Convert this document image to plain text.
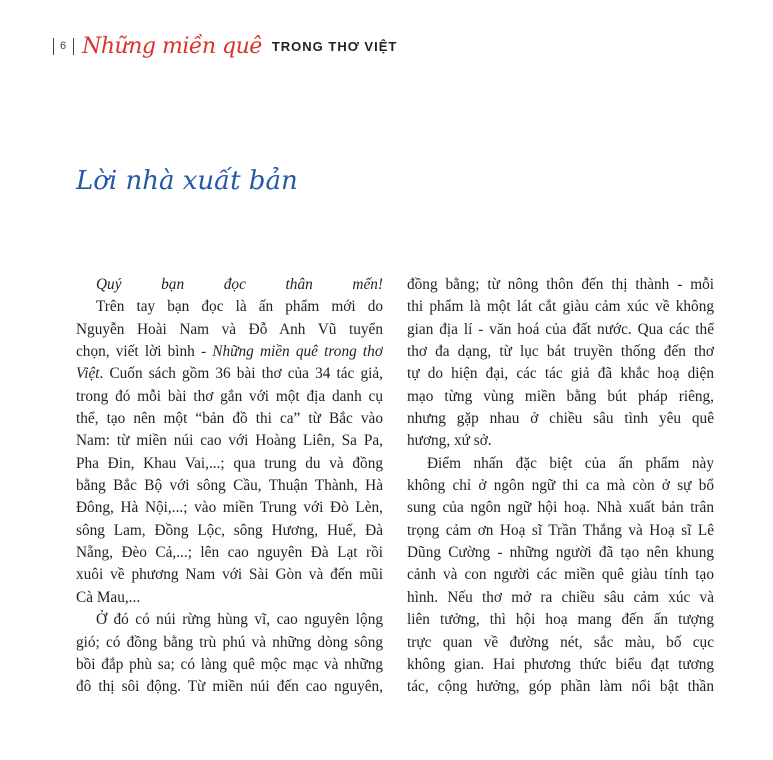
6 Những miền quê TRONG THƠ VIỆT
Lời nhà xuất bản
Quý bạn đọc thân mến!
Trên tay bạn đọc là ấn phẩm mới do
Nguyễn Hoài Nam và Đỗ Anh Vũ tuyển
chọn, viết lời bình - Những miền quê trong thơ
Việt. Cuốn sách gồm 36 bài thơ của 34 tác giả,
trong đó mỗi bài thơ gắn với một địa danh cụ
thể, tạo nên một “bản đồ thi ca” từ Bắc vào
Nam: từ miền núi cao với Hoàng Liên, Sa Pa,
Pha Đin, Khau Vai,...; qua trung du và đồng
bằng Bắc Bộ với sông Cầu, Thuận Thành, Hà
Đông, Hà Nội,...; vào miền Trung với Đò Lèn,
sông Lam, Đồng Lộc, sông Hương, Huế, Đà
Nẵng, Đèo Cả,...; lên cao nguyên Đà Lạt rồi
xuôi về phương Nam với Sài Gòn và đến mũi
Cà Mau,...
Ở đó có núi rừng hùng vĩ, cao nguyên lộng
gió; có đồng bằng trù phú và những dòng sông
bồi đắp phù sa; có làng quê mộc mạc và những
đô thị sôi động. Từ miền núi đến cao nguyên,
đồng bằng; từ nông thôn đến thị thành - mỗi
thi phẩm là một lát cắt giàu cảm xúc về không
gian địa lí - văn hoá của đất nước. Qua các thể
thơ đa dạng, từ lục bát truyền thống đến thơ
tự do hiện đại, các tác giả đã khắc hoạ diện
mạo từng vùng miền bằng bút pháp riêng,
nhưng gặp nhau ở chiều sâu tình yêu quê
hương, xứ sở.
Điểm nhấn đặc biệt của ấn phẩm này
không chỉ ở ngôn ngữ thi ca mà còn ở sự bổ
sung của ngôn ngữ hội hoạ. Nhà xuất bản trân
trọng cảm ơn Hoạ sĩ Trần Thắng và Hoạ sĩ Lê
Dũng Cường - những người đã tạo nên khung
cảnh và con người các miền quê giàu tính tạo
hình. Nếu thơ mở ra chiều sâu cảm xúc và
liên tưởng, thì hội hoạ mang đến ấn tượng
trực quan về đường nét, sắc màu, bố cục
không gian. Hai phương thức biểu đạt tương
tác, cộng hưởng, góp phần làm nổi bật thần
